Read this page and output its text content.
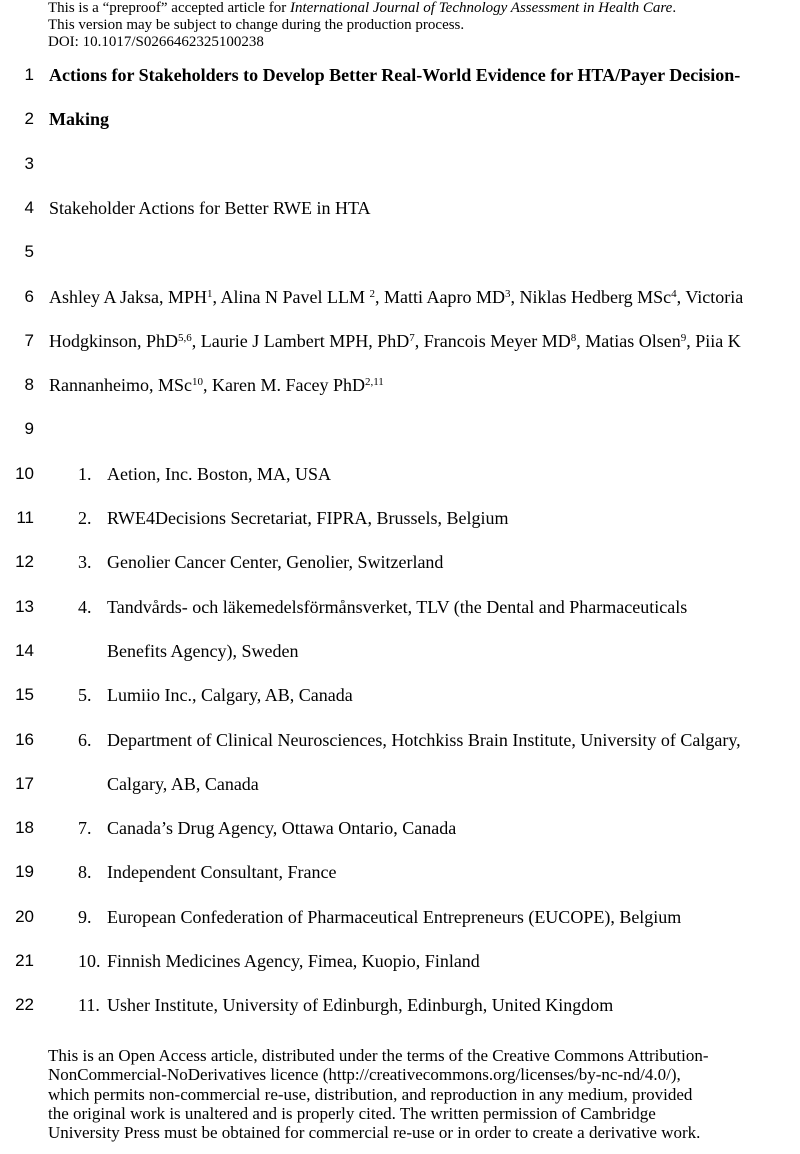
This is a “preproof” accepted article for International Journal of Technology Assessment in Health Care.
This version may be subject to change during the production process.
DOI: 10.1017/S0266462325100238
1 Actions for Stakeholders to Develop Better Real-World Evidence for HTA/Payer Decision-
2 Making
3
4 Stakeholder Actions for Better RWE in HTA
5
6 Ashley A Jaksa, MPH$^1$, Alina N Pavel LLM $^2$, Matti Aapro $MD^3$, Niklas Hedberg MSc$^4$, Victoria
7 Hodgkinson, PhD$^{5,6}$, Laurie J Lambert MPH, PhD$^7$, Francois Meyer $MD^8$, Matias Olsen$^9$, Piia K
8 Rannanheimo, MSc$^{10}$, Karen M. Facey PhD$^{2,11}$
9
10 1. Aetion, Inc. Boston, MA, USA
11 2. RWE4Decisions Secretariat, FIPRA, Brussels, Belgium
12 3. Genolier Cancer Center, Genolier, Switzerland
13 4. Tandvårds- och läkemedelsförmånsverket, TLV (the Dental and Pharmaceuticals
14	Benefits Agency), Sweden
15 5. Lumiio Inc., Calgary, AB, Canada
16 6. Department of Clinical Neurosciences, Hotchkiss Brain Institute, University of Calgary,
17	Calgary, AB, Canada
18 7. Canada’s Drug Agency, Ottawa Ontario, Canada
19 8. Independent Consultant, France
20 9. European Confederation of Pharmaceutical Entrepreneurs (EUCOPE), Belgium
21 10. Finnish Medicines Agency, Fimea, Kuopio, Finland
22 11. Usher Institute, University of Edinburgh, Edinburgh, United Kingdom
This is an Open Access article, distributed under the terms of the Creative Commons Attribution-
NonCommercial-NoDerivatives licence (http://creativecommons.org/licenses/by-nc-nd/4.0/),
which permits non-commercial re-use, distribution, and reproduction in any medium, provided
the original work is unaltered and is properly cited. The written permission of Cambridge
University Press must be obtained for commercial re-use or in order to create a derivative work.
